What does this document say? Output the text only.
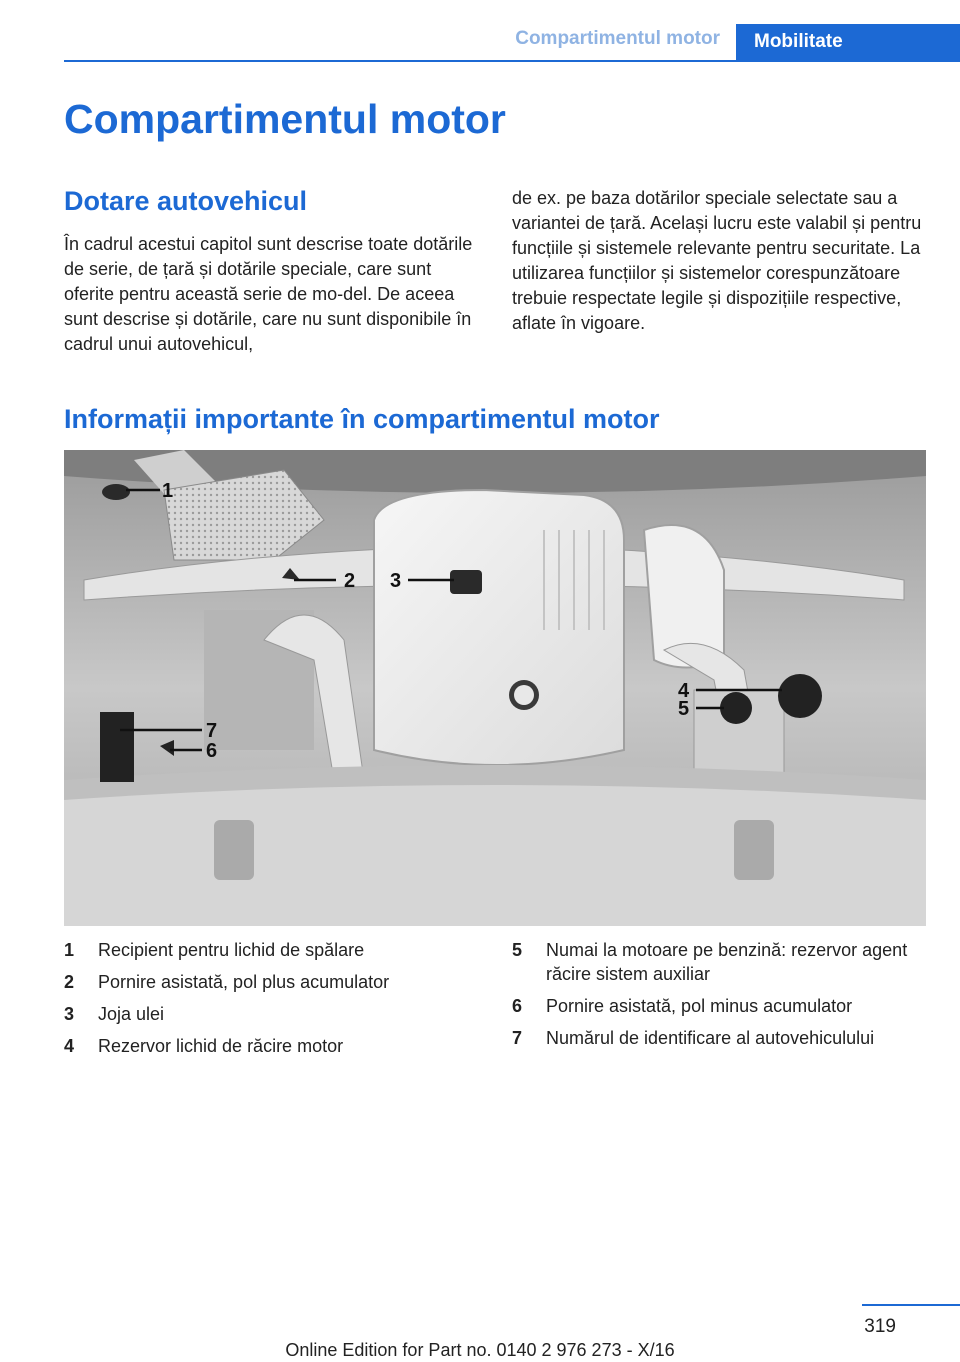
Compartimentul motor Mobilitate
Compartimentul motor
Dotare autovehicul

În cadrul acestui capitol sunt descrise toate dotările de serie, de țară și dotările speciale, care sunt oferite pentru această serie de mo-del. De aceea sunt descrise și dotările, care nu sunt disponibile în cadrul unui autovehicul,

de ex. pe baza dotărilor speciale selectate sau a variantei de țară. Același lucru este valabil și pentru funcțiile și sistemele relevante pentru securitate. La utilizarea funcțiilor și sistemelor corespunzătoare trebuie respectate legile și dispozițiile respective, aflate în vigoare.

Informații importante în compartimentul motor
1
2 3
4
5
7
6
1 Recipient pentru lichid de spălare
2 Pornire asistată, pol plus acumulator
3 Joja ulei
4 Rezervor lichid de răcire motor
5 Numai la motoare pe benzină: rezervor agent răcire sistem auxiliar
6 Pornire asistată, pol minus acumulator
7 Numărul de identificare al autovehiculului
319
Online Edition for Part no. 0140 2 976 273 - X/16
